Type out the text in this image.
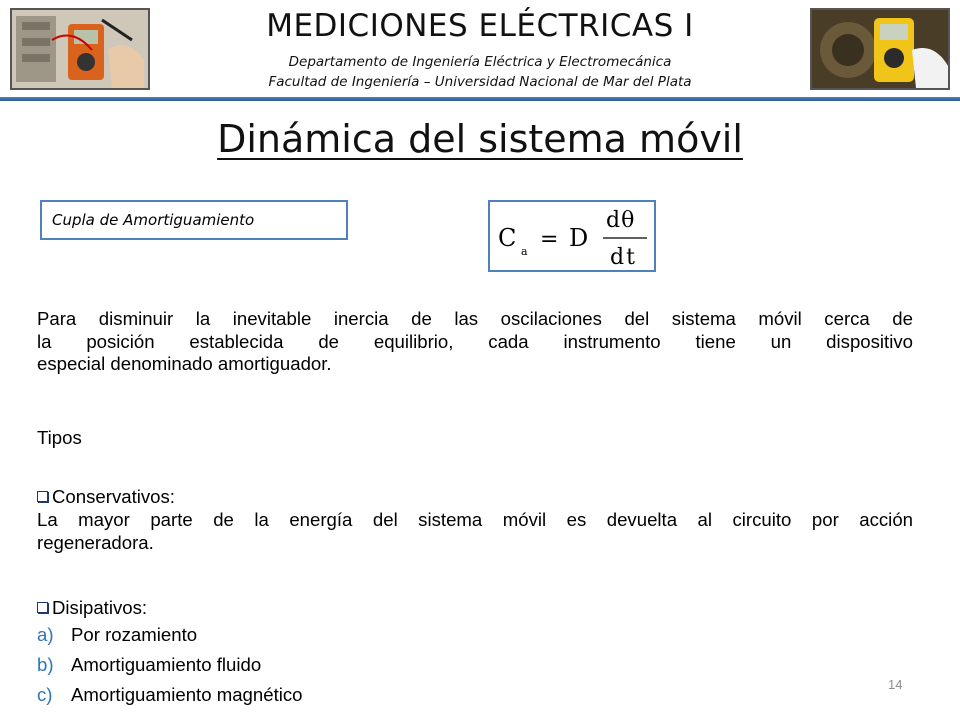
MEDICIONES ELÉCTRICAS I
Departamento de Ingeniería Eléctrica y Electromecánica
Facultad de Ingeniería – Universidad Nacional de Mar del Plata
Dinámica del sistema móvil
Cupla de Amortiguamiento
C a = D
dθ
dt
Para disminuir la inevitable inercia de las oscilaciones del sistema móvil cerca de
la posición establecida de equilibrio, cada instrumento tiene un dispositivo
especial denominado amortiguador.
Tipos
Conservativos:
La mayor parte de la energía del sistema móvil es devuelta al circuito por acción
regeneradora.
Disipativos:
a) Por rozamiento
b) Amortiguamiento fluido
c) Amortiguamiento magnético	14
